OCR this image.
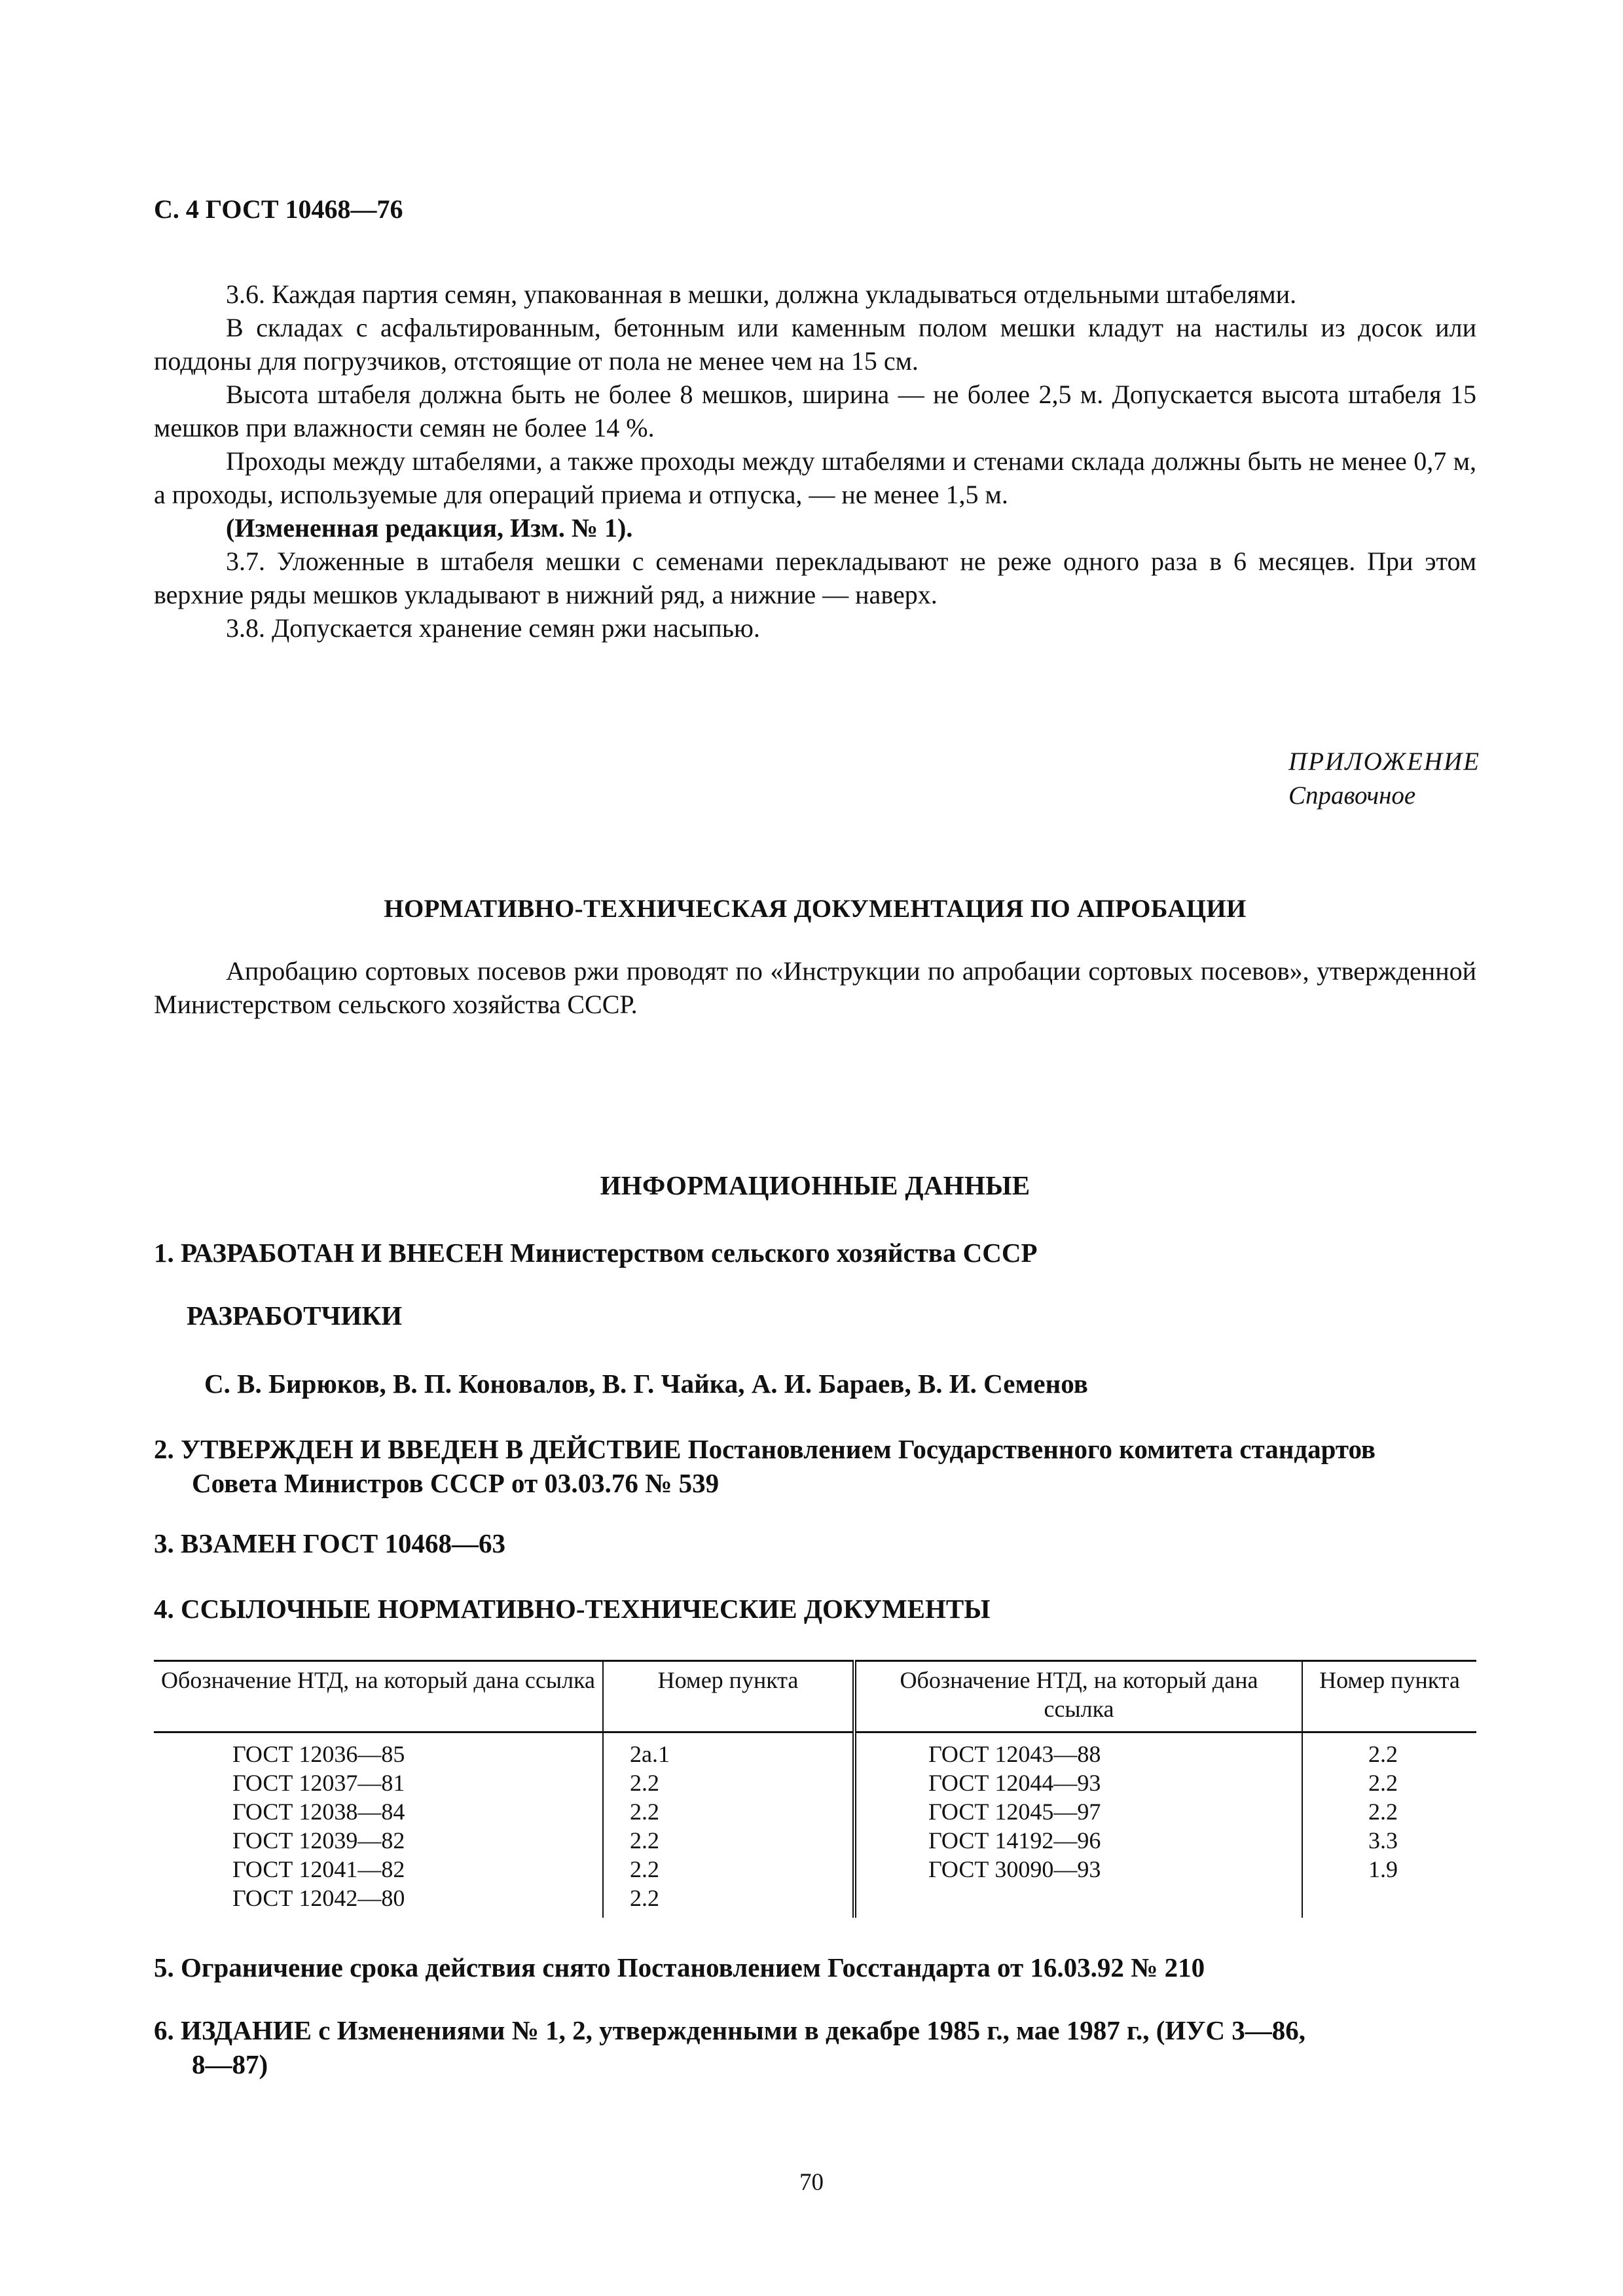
С. 4 ГОСТ 10468—76

3.6. Каждая партия семян, упакованная в мешки, должна укладываться отдельными штабелями.

В складах с асфальтированным, бетонным или каменным полом мешки кладут на настилы из досок или поддоны для погрузчиков, отстоящие от пола не менее чем на 15 см.

Высота штабеля должна быть не более 8 мешков, ширина — не более 2,5 м. Допускается высота штабеля 15 мешков при влажности семян не более 14 %.

Проходы между штабелями, а также проходы между штабелями и стенами склада должны быть не менее 0,7 м, а проходы, используемые для операций приема и отпуска, — не менее 1,5 м.

(Измененная редакция, Изм. № 1).

3.7. Уложенные в штабеля мешки с семенами перекладывают не реже одного раза в 6 месяцев. При этом верхние ряды мешков укладывают в нижний ряд, а нижние — наверх.

3.8. Допускается хранение семян ржи насыпью.

ПРИЛОЖЕНИЕ
Справочное
НОРМАТИВНО-ТЕХНИЧЕСКАЯ ДОКУМЕНТАЦИЯ ПО АПРОБАЦИИ

Апробацию сортовых посевов ржи проводят по «Инструкции по апробации сортовых посевов», утвержденной Министерством сельского хозяйства СССР.

ИНФОРМАЦИОННЫЕ ДАННЫЕ
1. РАЗРАБОТАН И ВНЕСЕН Министерством сельского хозяйства СССР
РАЗРАБОТЧИКИ
С. В. Бирюков, В. П. Коновалов, В. Г. Чайка, А. И. Бараев, В. И. Семенов
2. УТВЕРЖДЕН И ВВЕДЕН В ДЕЙСТВИЕ Постановлением Государственного комитета стандартов
Совета Министров СССР от 03.03.76 № 539
3. ВЗАМЕН ГОСТ 10468—63
4. ССЫЛОЧНЫЕ НОРМАТИВНО-ТЕХНИЧЕСКИЕ ДОКУМЕНТЫ
Обозначение НТД, на который дана ссылка	Номер пункта	Обозначение НТД, на который дана ссылка	Номер пункта
ГОСТ 12036—85	2а.1	ГОСТ 12043—88	2.2
ГОСТ 12037—81	2.2	ГОСТ 12044—93	2.2
ГОСТ 12038—84	2.2	ГОСТ 12045—97	2.2
ГОСТ 12039—82	2.2	ГОСТ 14192—96	3.3
ГОСТ 12041—82	2.2	ГОСТ 30090—93	1.9
ГОСТ 12042—80	2.2		
5. Ограничение срока действия снято Постановлением Госстандарта от 16.03.92 № 210
6. ИЗДАНИЕ с Изменениями № 1, 2, утвержденными в декабре 1985 г., мае 1987 г., (ИУС 3—86,
8—87)
70
